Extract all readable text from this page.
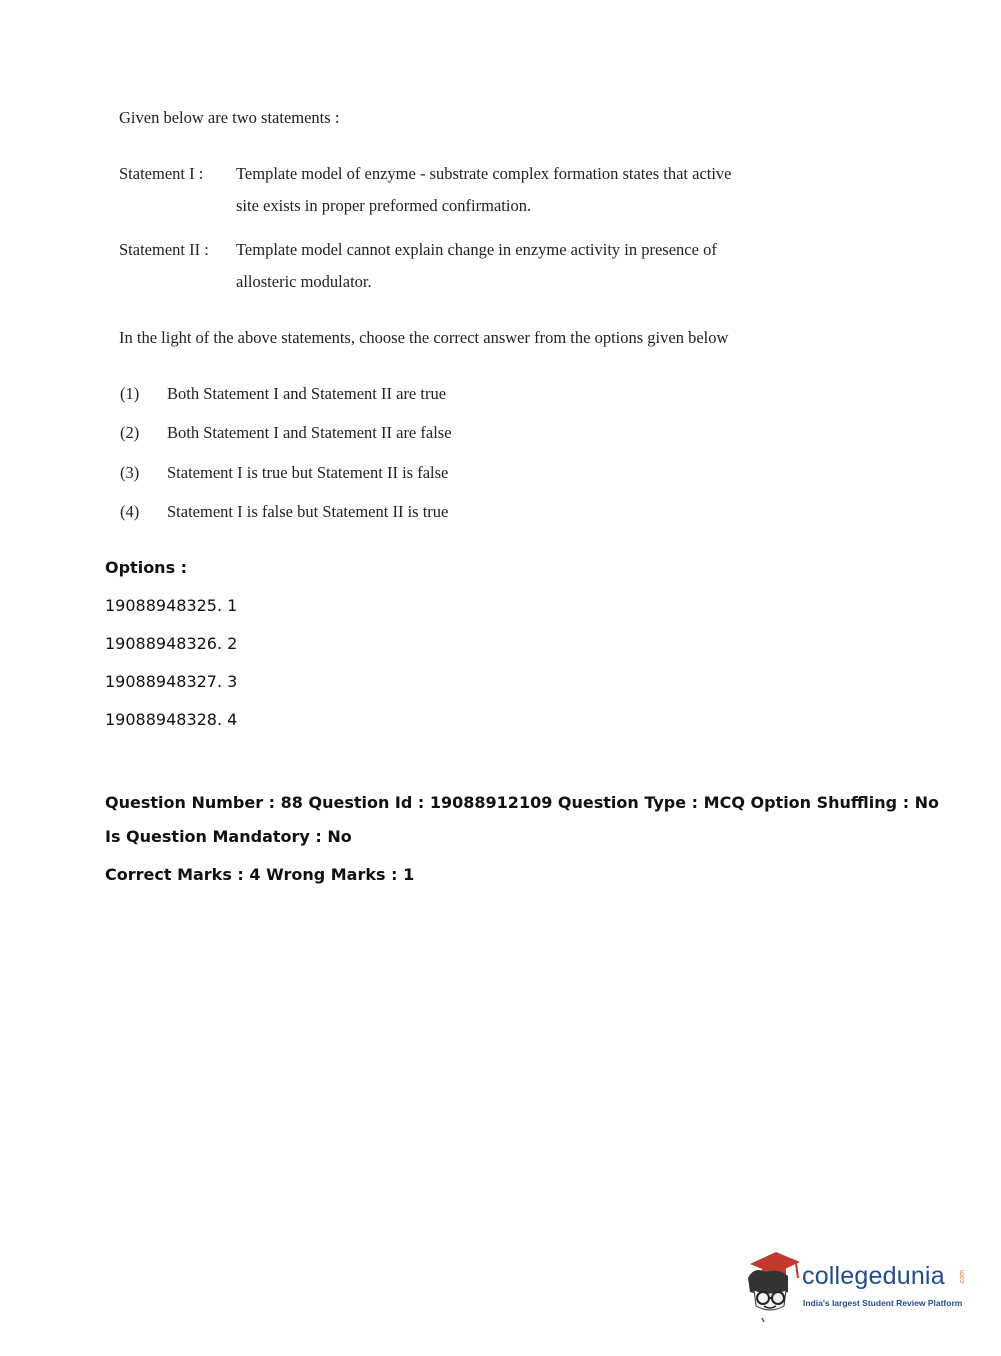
Given below are two statements :
Statement I : Template model of enzyme - substrate complex formation states that active
site exists in proper preformed confirmation.
Statement II : Template model cannot explain change in enzyme activity in presence of
allosteric modulator.
In the light of the above statements, choose the correct answer from the options given below
(1) Both Statement I and Statement II are true
(2) Both Statement I and Statement II are false
(3) Statement I is true but Statement II is false
(4) Statement I is false but Statement II is true
Options :
19088948325. 1
19088948326. 2
19088948327. 3
19088948328. 4
Question Number : 88 Question Id : 19088912109 Question Type : MCQ Option Shuffling : No
Is Question Mandatory : No
Correct Marks : 4 Wrong Marks : 1
collegedunia .com
India's largest Student Review Platform
